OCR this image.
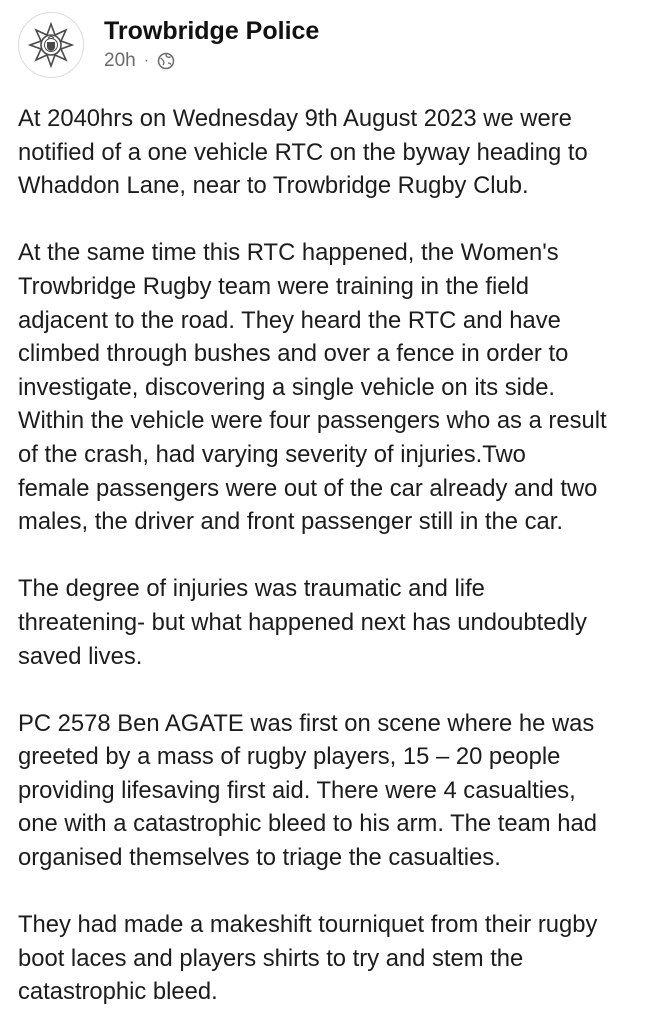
Trowbridge Police
20h ·

At 2040hrs on Wednesday 9th August 2023 we were
notified of a one vehicle RTC on the byway heading to
Whaddon Lane, near to Trowbridge Rugby Club.

At the same time this RTC happened, the Women's
Trowbridge Rugby team were training in the field
adjacent to the road. They heard the RTC and have
climbed through bushes and over a fence in order to
investigate, discovering a single vehicle on its side.
Within the vehicle were four passengers who as a result
of the crash, had varying severity of injuries.Two
female passengers were out of the car already and two
males, the driver and front passenger still in the car.

The degree of injuries was traumatic and life
threatening- but what happened next has undoubtedly
saved lives.

PC 2578 Ben AGATE was first on scene where he was
greeted by a mass of rugby players, 15 – 20 people
providing lifesaving first aid. There were 4 casualties,
one with a catastrophic bleed to his arm. The team had
organised themselves to triage the casualties.

They had made a makeshift tourniquet from their rugby
boot laces and players shirts to try and stem the
catastrophic bleed.
